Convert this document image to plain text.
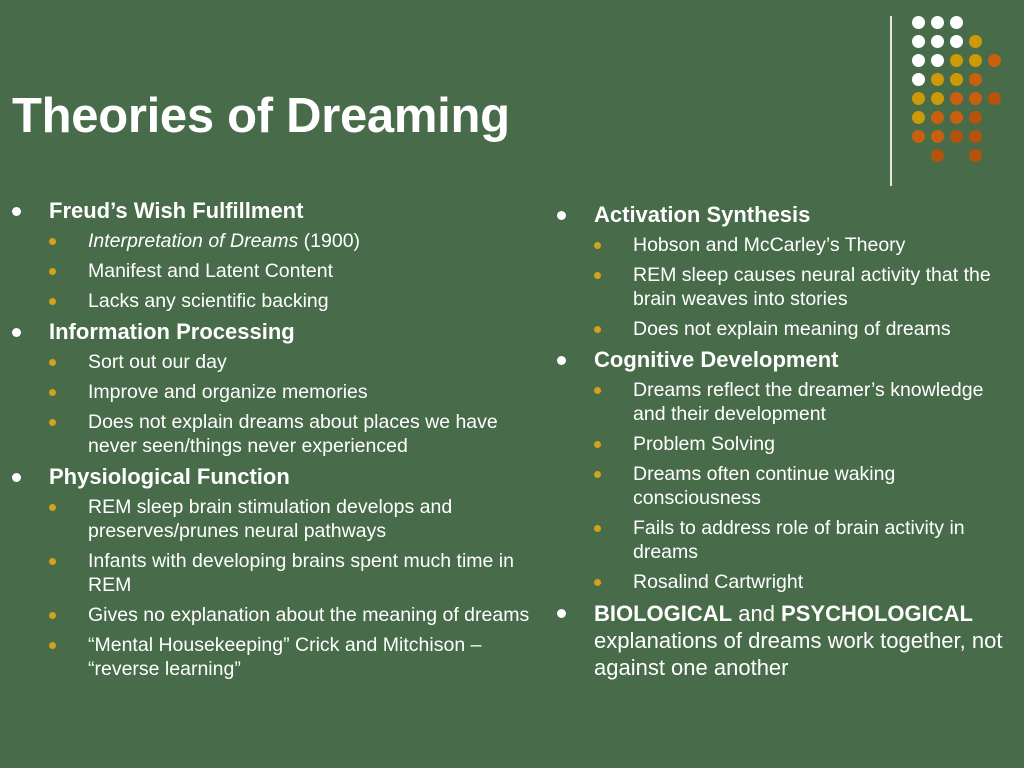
Theories of Dreaming
Freud’s Wish Fulfillment
Interpretation of Dreams (1900)
Manifest and Latent Content
Lacks any scientific backing
Information Processing
Sort out our day
Improve and organize memories
Does not explain dreams about places we have never seen/things never experienced
Physiological Function
REM sleep brain stimulation develops and preserves/prunes neural pathways
Infants with developing brains spent much time in REM
Gives no explanation about the meaning of dreams
“Mental Housekeeping” Crick and Mitchison – “reverse learning”
Activation Synthesis
Hobson and McCarley’s Theory
REM sleep causes neural activity that the brain weaves into stories
Does not explain meaning of dreams
Cognitive Development
Dreams reflect the dreamer’s knowledge and their development
Problem Solving
Dreams often continue waking consciousness
Fails to address role of brain activity in dreams
Rosalind Cartwright
BIOLOGICAL and PSYCHOLOGICAL explanations of dreams work together, not against one another
